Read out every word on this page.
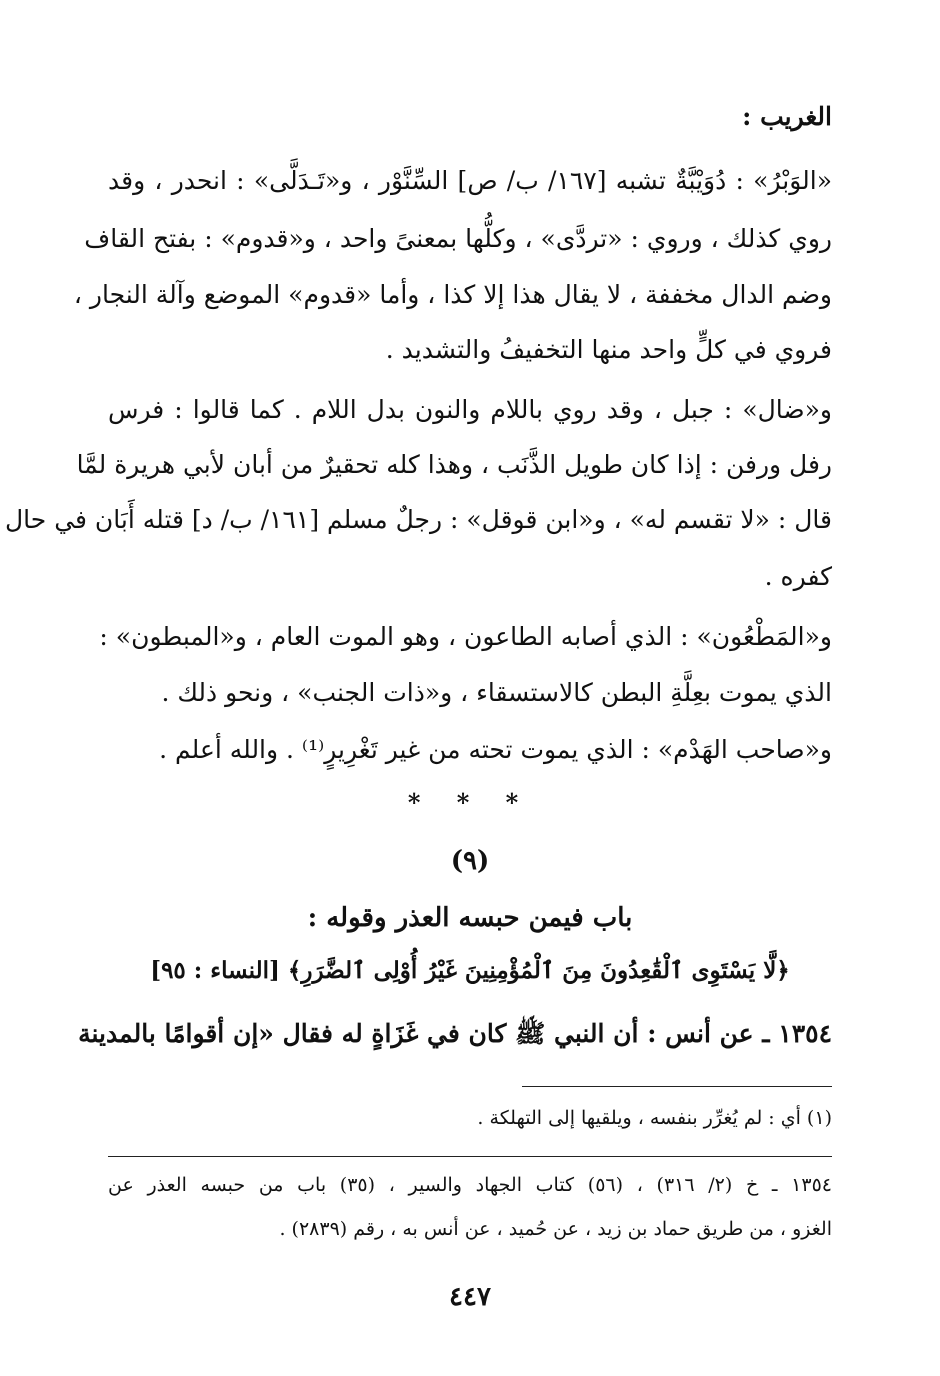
الغريب :
«الوَبْرُ» : دُوَيْبَّةٌ تشبه [١٦٧/ ب/ ص] السِّنَّوْر ، و«تَـدَلَّى» : انحدر ، وقد
روي كذلك ، وروي : «تردَّى» ، وكلُّها بمعنىً واحد ، و«قدوم» : بفتح القاف
وضم الدال مخففة ، لا يقال هذا إلا كذا ، وأما «قدوم» الموضع وآلة النجار ،
فروي في كلٍّ واحد منها التخفيفُ والتشديد .
و«ضال» : جبل ، وقد روي باللام والنون بدل اللام . كما قالوا : فرس
رفل ورفن : إذا كان طويل الذَّنَب ، وهذا كله تحقيرٌ من أبان لأبي هريرة لمَّا
قال : «لا تقسم له» ، و«ابن قوقل» : رجلٌ مسلم [١٦١/ ب/ د] قتله أَبَان في حال
كفره .
و«المَطْعُون» : الذي أصابه الطاعون ، وهو الموت العام ، و«المبطون» :
الذي يموت بعِلَّةِ البطن كالاستسقاء ، و«ذات الجنب» ، ونحو ذلك .
و«صاحب الهَدْم» : الذي يموت تحته من غير تَغْرِيرٍ⁽¹⁾ . والله أعلم .
* * *
(٩)
باب فيمن حبسه العذر وقوله :
﴿لَّا يَسْتَوِى ٱلْقَٰعِدُونَ مِنَ ٱلْمُؤْمِنِينَ غَيْرُ أُوْلِى ٱلضَّرَرِ﴾ [النساء : ٩٥]
١٣٥٤ ـ عن أنس : أن النبي ﷺ كان في غَزَاةٍ له فقال «إن أقوامًا بالمدينة
(١) أي : لم يُغرِّر بنفسه ، ويلقيها إلى التهلكة .
١٣٥٤ ـ خ (٢/ ٣١٦) ، (٥٦) كتاب الجهاد والسير ، (٣٥) باب من حبسه العذر عن
الغزو ، من طريق حماد بن زيد ، عن حُميد ، عن أنس به ، رقم (٢٨٣٩) .
٤٤٧
